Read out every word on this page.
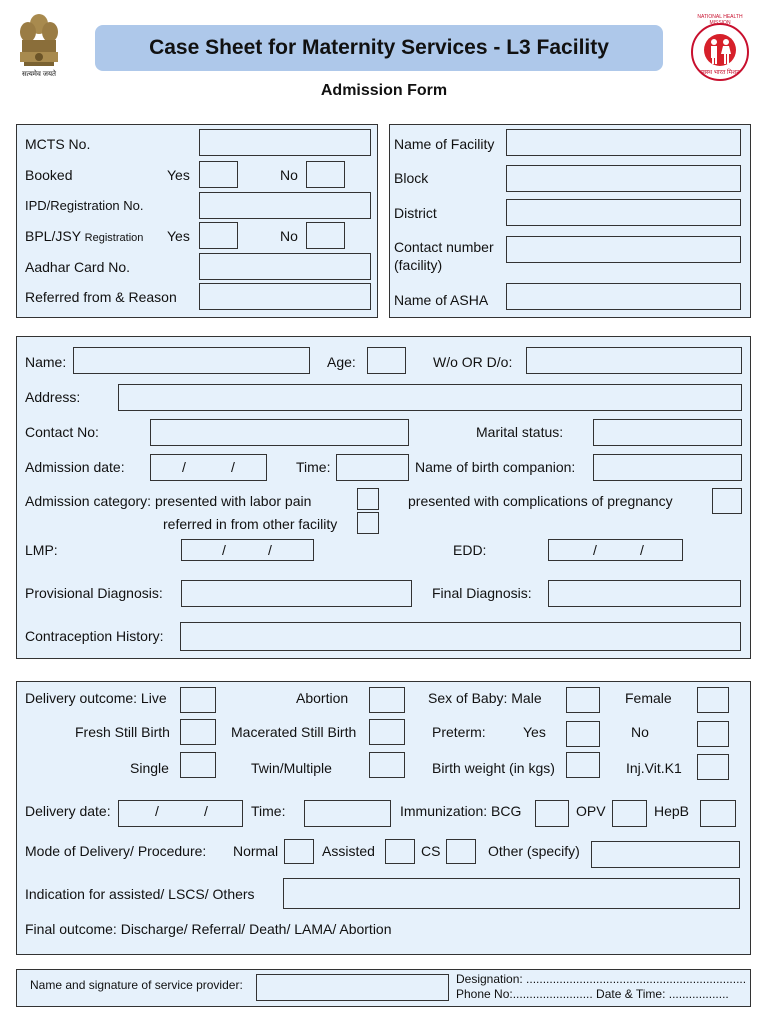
सत्यमेव जयते
Case Sheet for Maternity Services - L3 Facility
स्वस्थ भारत मिशन
NATIONAL HEALTH MISSION
Admission Form
MCTS No.
Booked	Yes	No
IPD/Registration No.
BPL/JSY Registration Yes	No
Aadhar Card No.
Referred from & Reason
Name of Facility
Block
District
Contact number
(facility)
Name of ASHA
Name:	Age:	W/o OR D/o:
Address:
Contact No:	Marital status:
Admission date:	/	/	Time:	Name of birth companion:
Admission category: presented with labor pain	presented with complications of pregnancy
referred in from other facility
LMP:	/	/	EDD:	/	/
Provisional Diagnosis:	Final Diagnosis:
Contraception History:
Delivery outcome: Live	Abortion	Sex of Baby: Male	Female
Fresh Still Birth	Macerated Still Birth	Preterm:	Yes	No
Single	Twin/Multiple	Birth weight (in kgs)	Inj.Vit.K1
Delivery date:	/	/	Time:	Immunization: BCG	OPV	HepB
Mode of Delivery/ Procedure: Normal	Assisted	CS	Other (specify)
Indication for assisted/ LSCS/ Others
Final outcome: Discharge/ Referral/ Death/ LAMA/ Abortion
Name and signature of service provider:	Designation: ..................................................................
Phone No:........................ Date & Time: ..................
